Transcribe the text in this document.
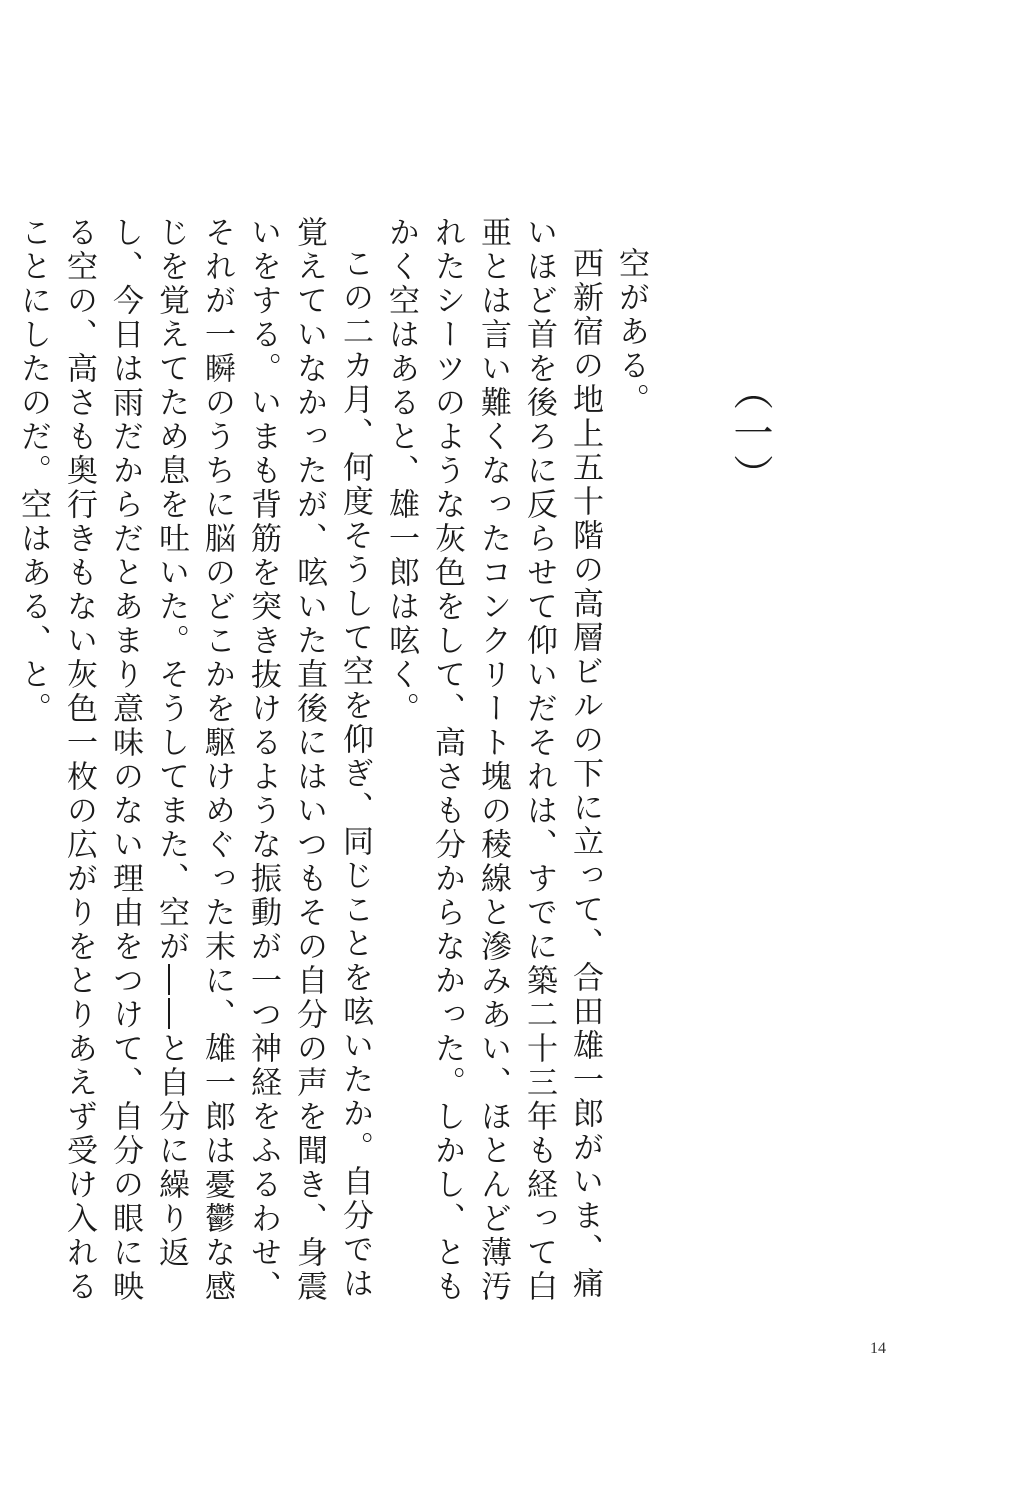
（一）

空がある。

西新宿の地上五十階の高層ビルの下に立って、合田雄一郎がいま、痛いほど首を後ろに反らせて仰いだそれは、すでに築二十三年も経って白亜とは言い難くなったコンクリート塊の稜線と滲みあい、ほとんど薄汚れたシーツのような灰色をして、高さも分からなかった。しかし、ともかく空はあると、雄一郎は呟く。

この二カ月、何度そうして空を仰ぎ、同じことを呟いたか。自分では覚えていなかったが、呟いた直後にはいつもその自分の声を聞き、身震いをする。いまも背筋を突き抜けるような振動が一つ神経をふるわせ、それが一瞬のうちに脳のどこかを駆けめぐった末に、雄一郎は憂鬱な感じを覚えてため息を吐いた。そうしてまた、空が――と自分に繰り返し、今日は雨だからだとあまり意味のない理由をつけて、自分の眼に映る空の、高さも奥行きもない灰色一枚の広がりをとりあえず受け入れることにしたのだ。空はある、と。

14
